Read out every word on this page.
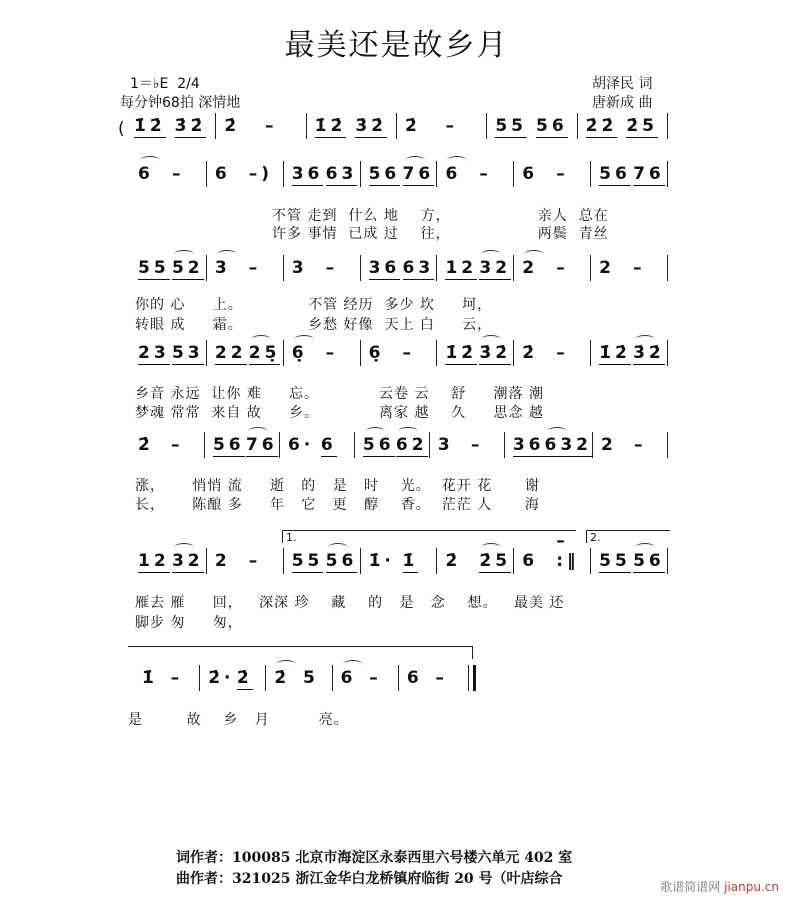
最美还是故乡月
1＝♭E  2/4
每分钟68拍 深情地
胡泽民 词
唐新成 曲
( 1̇2̇ 3̇2̇	2̇	–	1̇2̇ 3̇2̇	2̇	–	55 56	2̇2̇ 2̇5
6	–	6	–)	36 63 56 76 6	–	6	–	56 76
55 52 3	–	3	–	36 63 12 32 2	–	2	–
23 53 22 25̣ 6̣	–	6̣	–	1̇2̇ 3̇2̇ 2̇	–	1̇2̇ 3̇2̇
2̇	–	56 76 6· 6	56 62 3	–	36 632 2	–
12 32 2	–	55 56 1̇· 1̇	2̇	2̇5 6
– :‖	55 56
1̇ –	2̇· 2̇	2̇ 5	6 –	6 –
不管 走到  什么 地    方，                亲人  总在
许多 事情  已成 过    往，                两鬓  青丝
你的 心     上。            不管 经历  多少 坎     坷，
转眼 成     霜。            乡愁 好像  天上 白     云，
乡音 永远  让你 难     忘。           云卷 云    舒     潮落 潮
梦魂 常常  来自 故     乡。           离家 越    久     思念 越
涨，     悄悄 流     逝   的   是   时    光。  花开 花      谢
长，     陈酿 多     年   它   更   醇    香。  茫茫 人      海
雁去 雁     回，   深深 珍    藏    的   是   念    想。   最美 还
脚步 匆     匆，
是        故    乡   月         亮。
1.	2.
词作者：100085 北京市海淀区永泰西里六号楼六单元 402 室
曲作者：321025 浙江金华白龙桥镇府临街 20 号（叶店综合	歌谱简谱网 jianpu.cn
